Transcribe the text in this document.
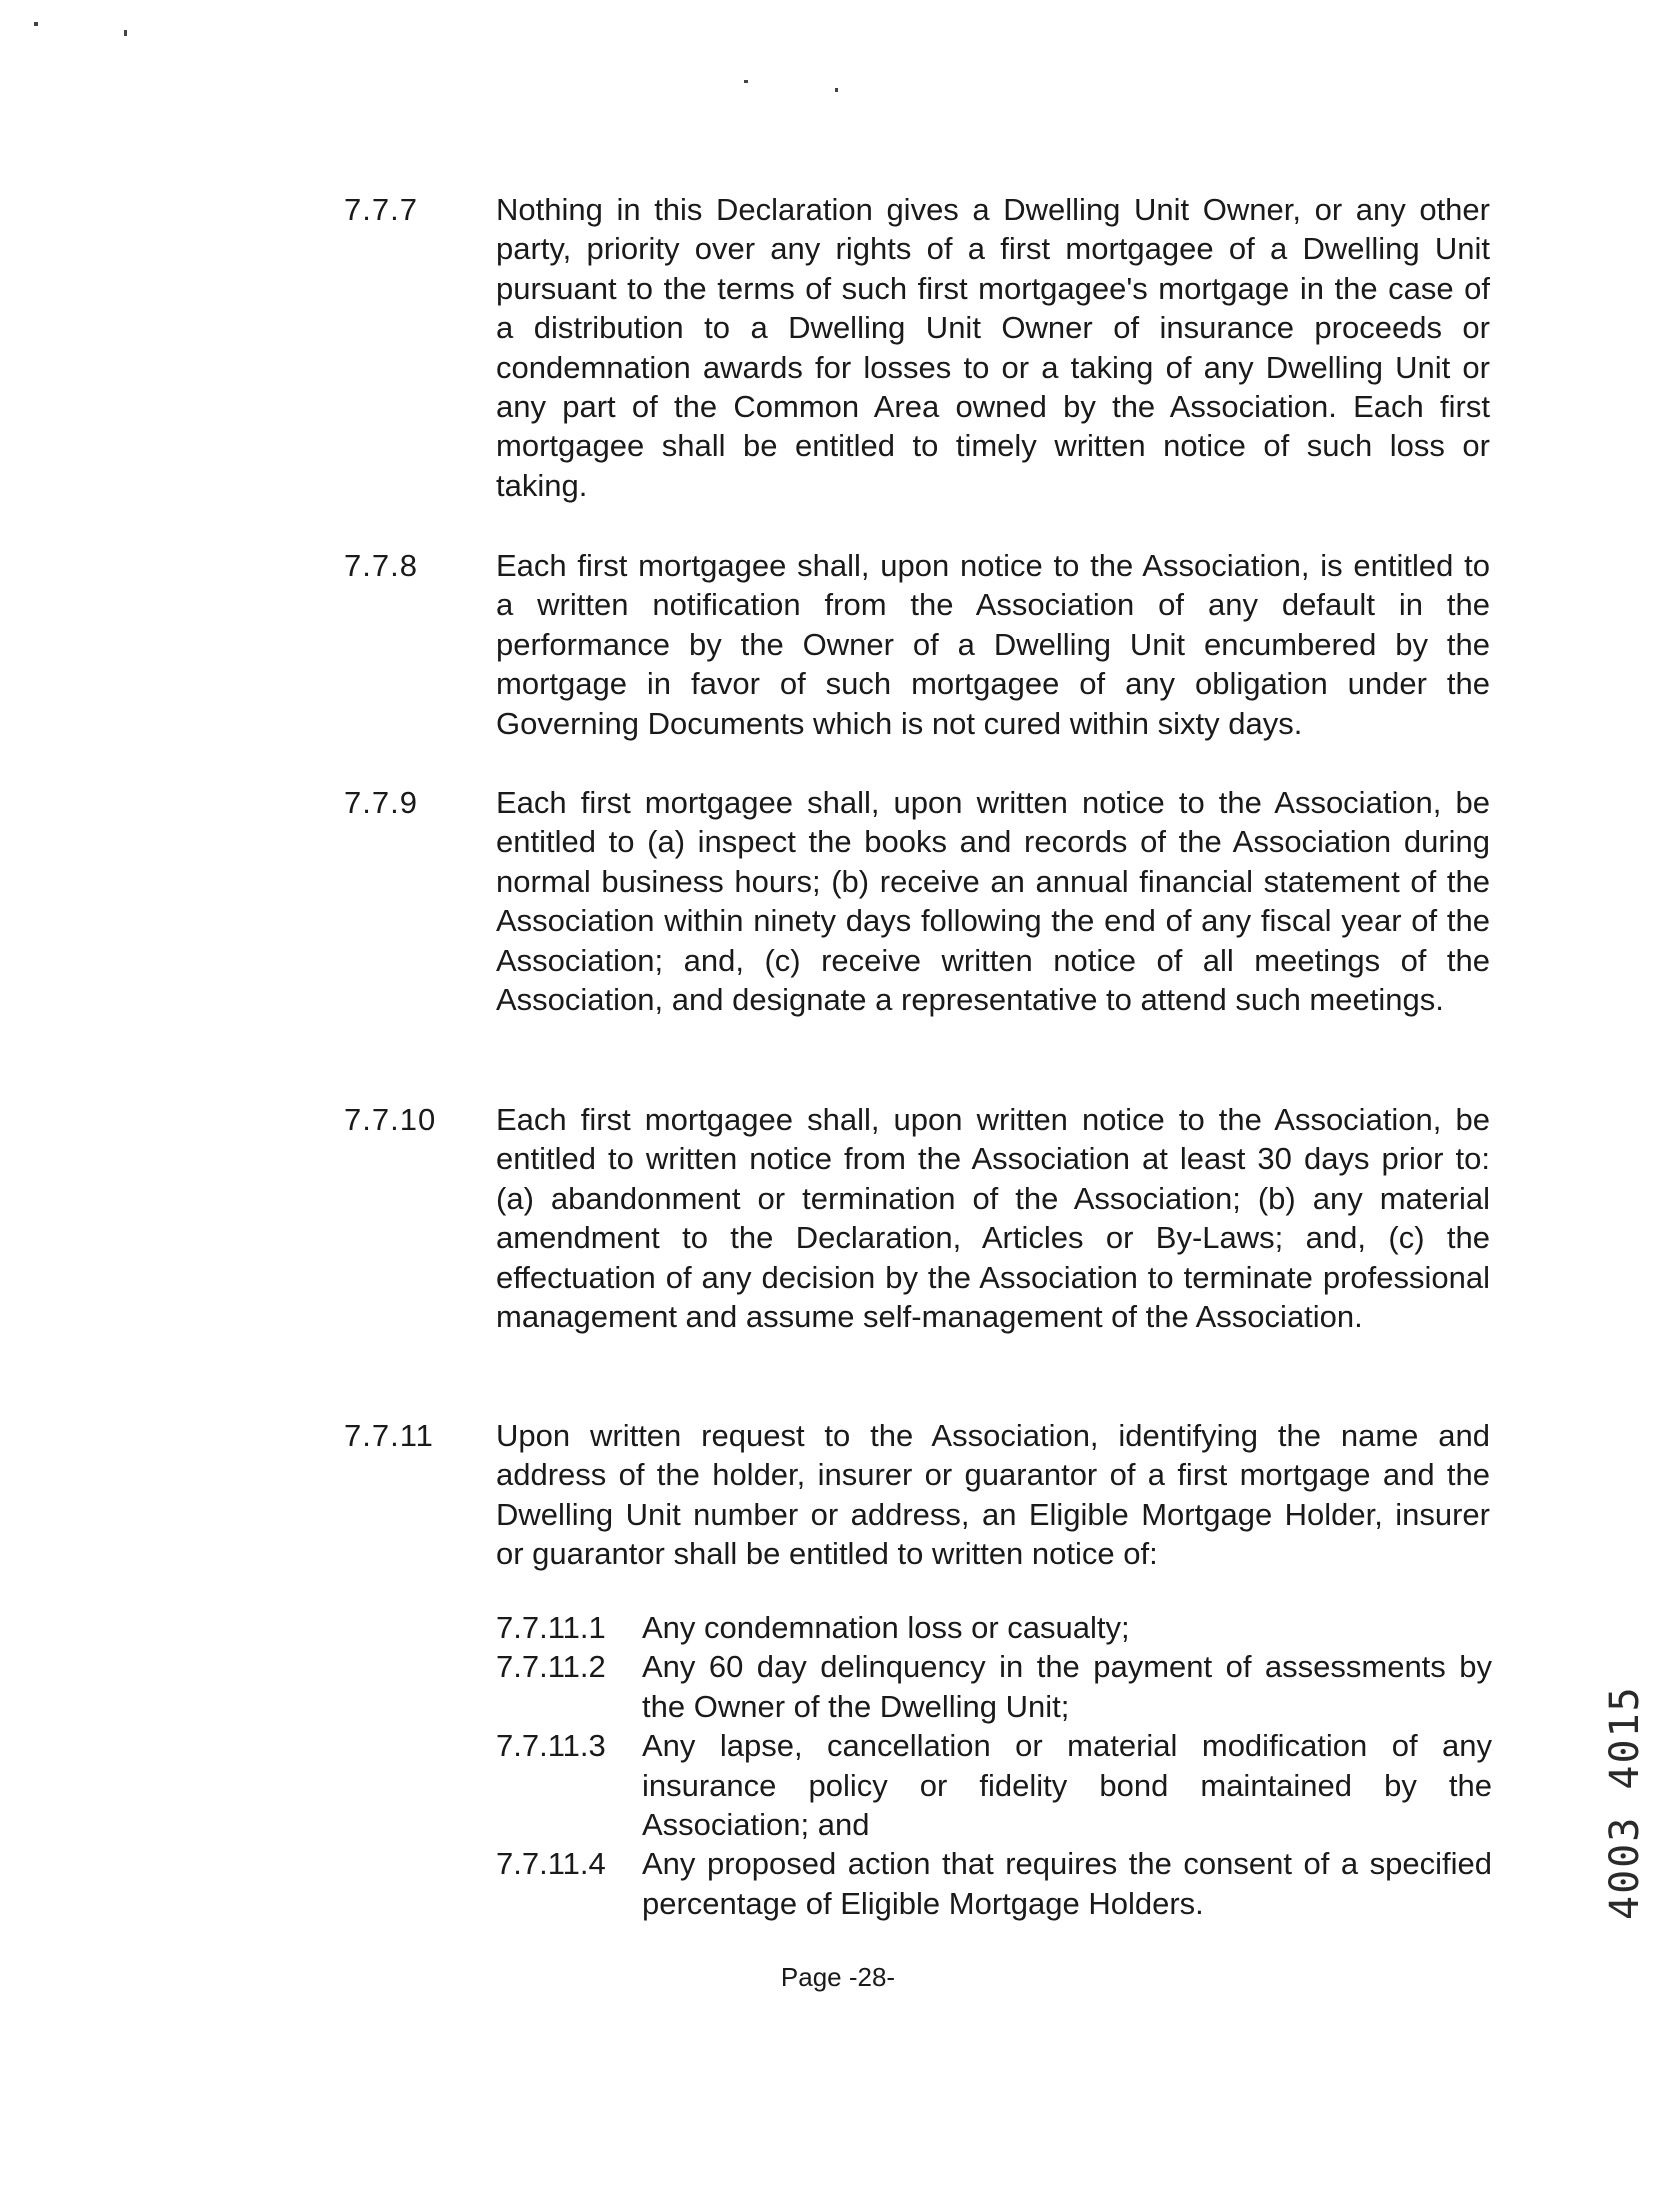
7.7.7	Nothing in this Declaration gives a Dwelling Unit Owner, or any other party, priority over any rights of a first mortgagee of a Dwelling Unit pursuant to the terms of such first mortgagee's mortgage in the case of a distribution to a Dwelling Unit Owner of insurance proceeds or condemnation awards for losses to or a taking of any Dwelling Unit or any part of the Common Area owned by the Association. Each first mortgagee shall be entitled to timely written notice of such loss or taking.
7.7.8	Each first mortgagee shall, upon notice to the Association, is entitled to a written notification from the Association of any default in the performance by the Owner of a Dwelling Unit encumbered by the mortgage in favor of such mortgagee of any obligation under the Governing Documents which is not cured within sixty days.
7.7.9	Each first mortgagee shall, upon written notice to the Association, be entitled to (a) inspect the books and records of the Association during normal business hours; (b) receive an annual financial statement of the Association within ninety days following the end of any fiscal year of the Association; and, (c) receive written notice of all meetings of the Association, and designate a representative to attend such meetings.
7.7.10 Each first mortgagee shall, upon written notice to the Association, be entitled to written notice from the Association at least 30 days prior to: (a) abandonment or termination of the Association; (b) any material amendment to the Declaration, Articles or By-Laws; and, (c) the effectuation of any decision by the Association to terminate professional management and assume self-management of the Association.
7.7.11 Upon written request to the Association, identifying the name and address of the holder, insurer or guarantor of a first mortgage and the Dwelling Unit number or address, an Eligible Mortgage Holder, insurer or guarantor shall be entitled to written notice of:
7.7.11.1 Any condemnation loss or casualty;
7.7.11.2 Any 60 day delinquency in the payment of assessments by the Owner of the Dwelling Unit;
7.7.11.3 Any lapse, cancellation or material modification of any insurance policy or fidelity bond maintained by the Association; and
7.7.11.4 Any proposed action that requires the consent of a specified percentage of Eligible Mortgage Holders.	4003 4015
Page -28-
